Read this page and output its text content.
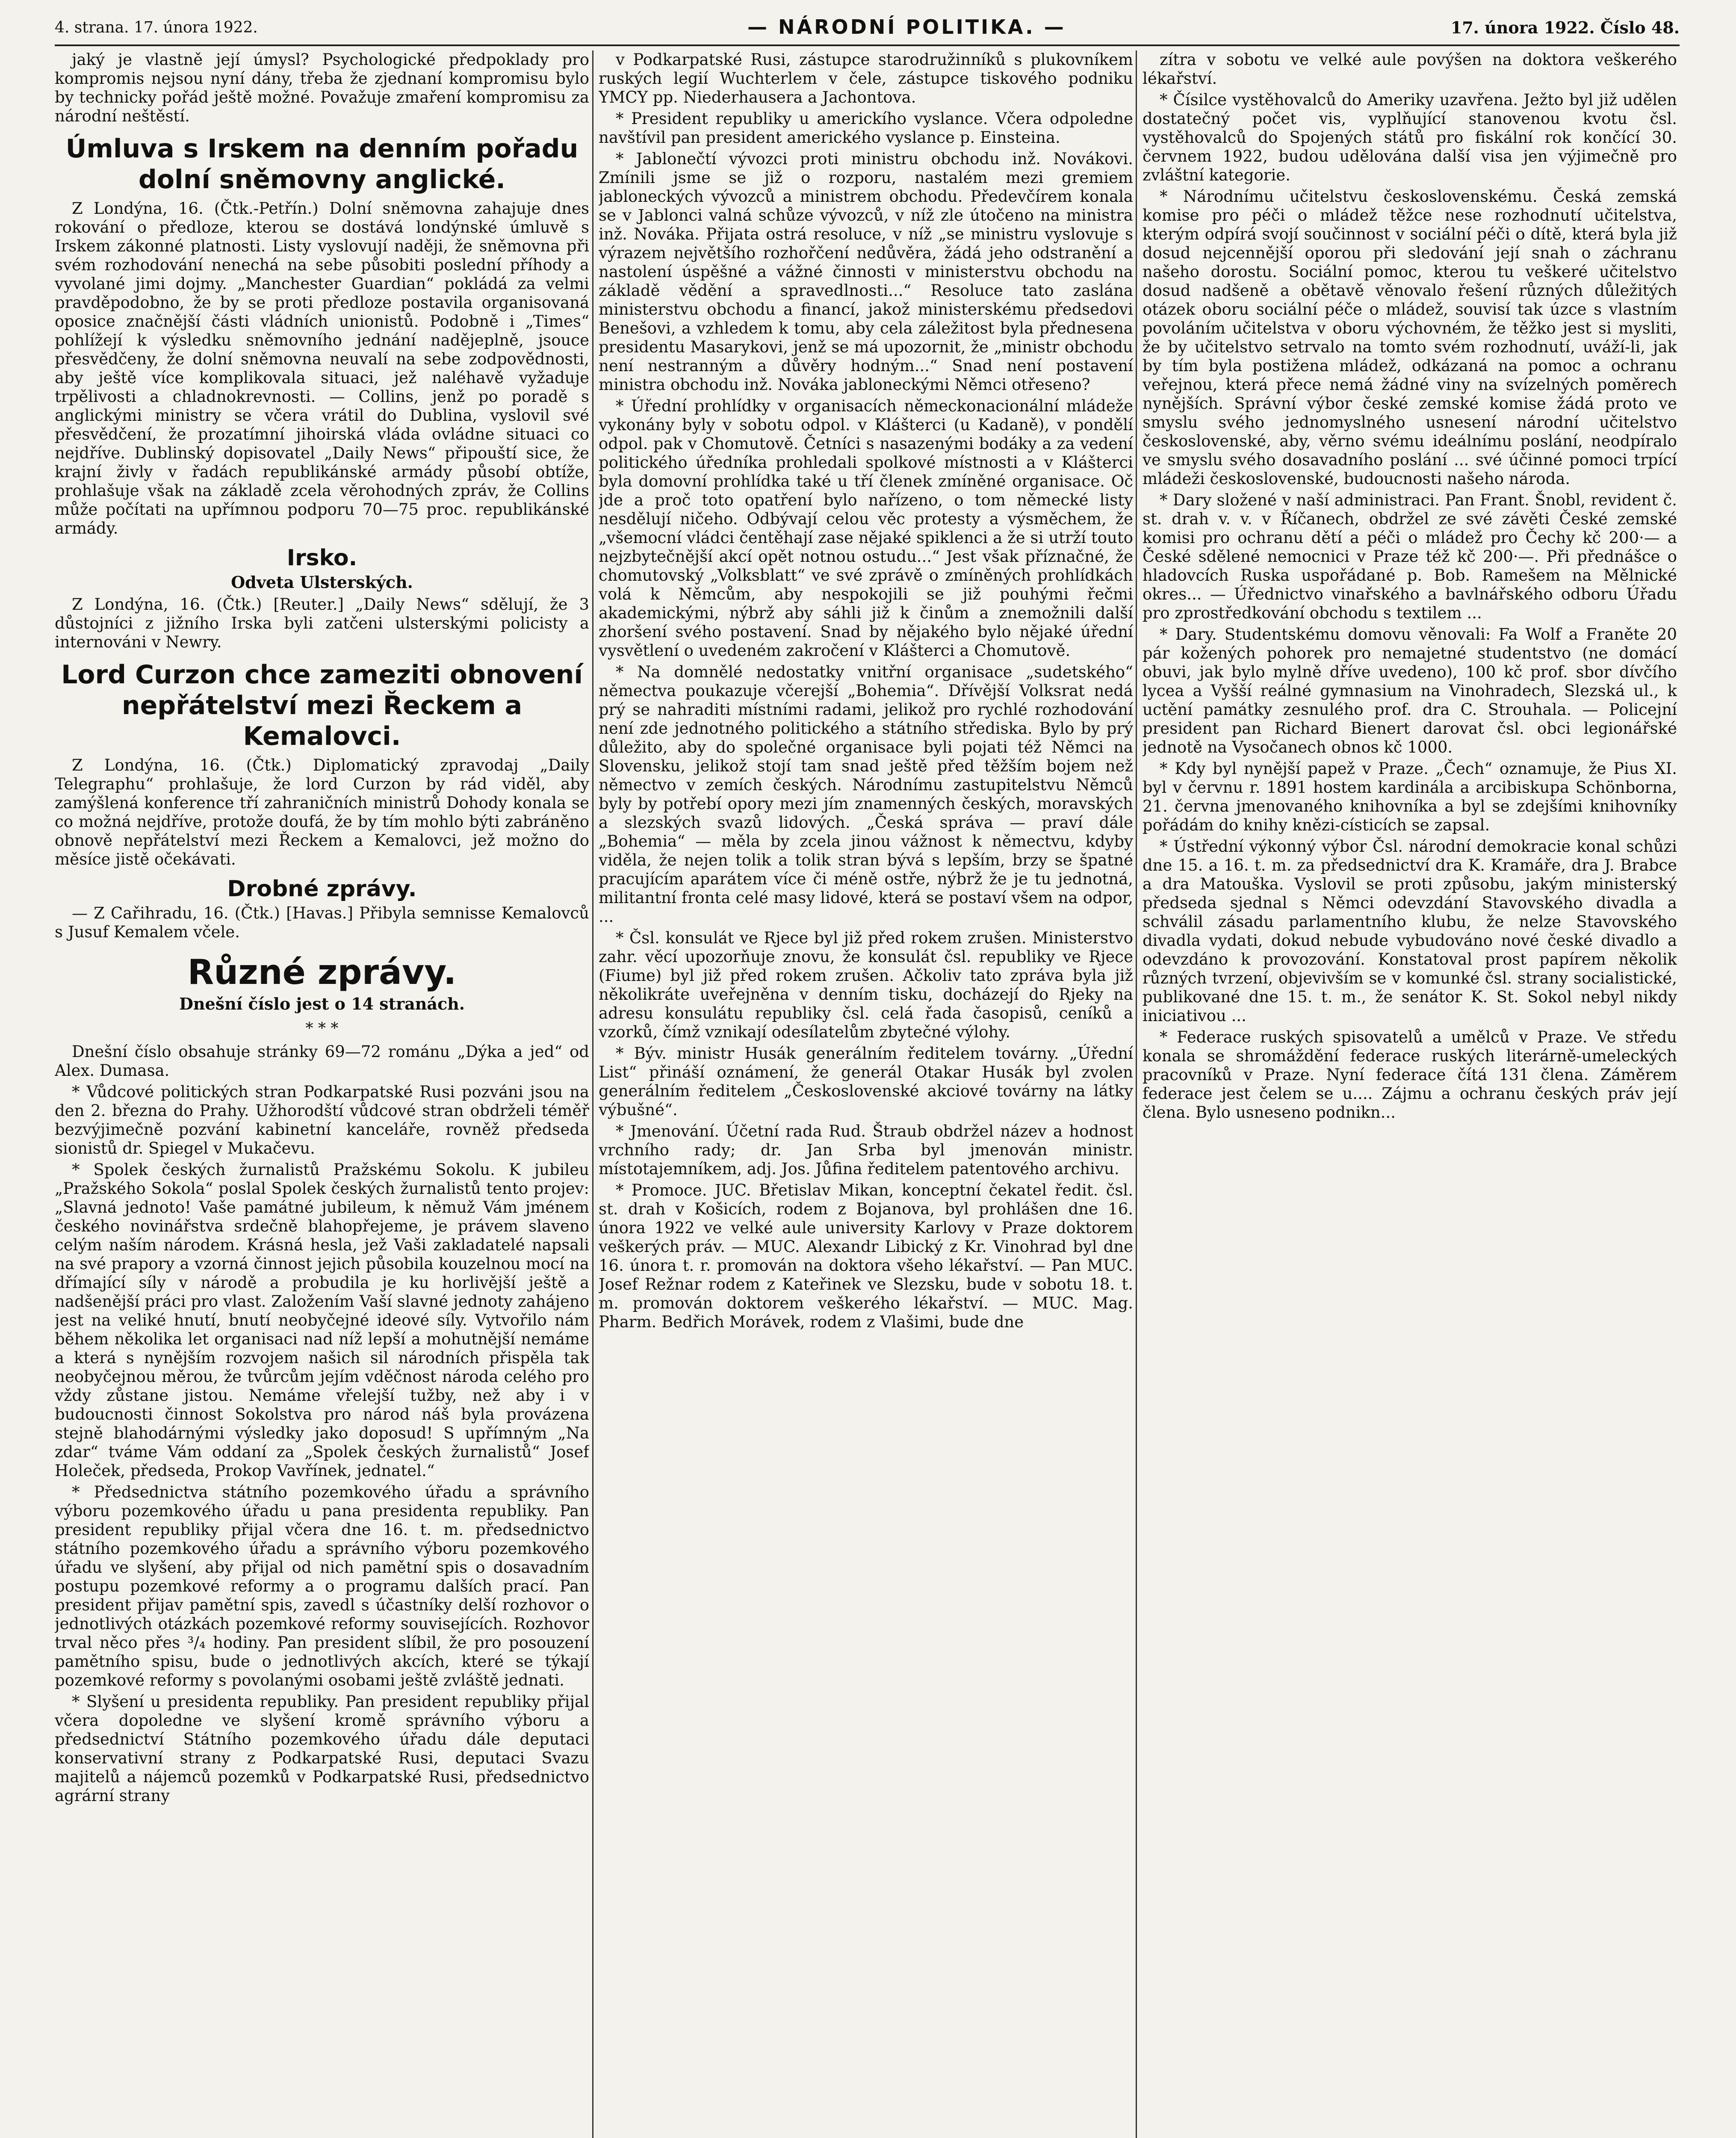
4. strana. 17. února 1922.	— NÁRODNÍ POLITIKA. —	17. února 1922. Číslo 48.

jaký je vlastně její úmysl? Psychologické předpoklady pro kompromis nejsou nyní dány, třeba že zjednaní kompromisu bylo by technicky pořád ještě možné. Považuje zmaření kompromisu za národní neštěstí.

Úmluva s Irskem na denním pořadu dolní sněmovny anglické.

Z Londýna, 16. (Čtk.-Petřín.) Dolní sněmovna zahajuje dnes rokování o předloze, kterou se dostává londýnské úmluvě s Irskem zákonné platnosti. Listy vyslovují naději, že sněmovna při svém rozhodování nenechá na sebe působiti poslední příhody a vyvolané jimi dojmy. „Manchester Guardian“ pokládá za velmi pravděpodobno, že by se proti předloze postavila organisovaná oposice značnější části vládních unionistů. Podobně i „Times“ pohlížejí k výsledku sněmovního jednání nadějeplně, jsouce přesvědčeny, že dolní sněmovna neuvalí na sebe zodpovědnosti, aby ještě více komplikovala situaci, jež naléhavě vyžaduje trpělivosti a chladnokrevnosti. — Collins, jenž po poradě s anglickými ministry se včera vrátil do Dublina, vyslovil své přesvědčení, že prozatímní jihoirská vláda ovládne situaci co nejdříve. Dublinský dopisovatel „Daily News“ připouští sice, že krajní živly v řadách republikánské armády působí obtíže, prohlašuje však na základě zcela věrohodných zpráv, že Collins může počítati na upřímnou podporu 70—75 proc. republikánské armády.

Irsko.
Odveta Ulsterských.

Z Londýna, 16. (Čtk.) [Reuter.] „Daily News“ sdělují, že 3 důstojníci z jižního Irska byli zatčeni ulsterskými policisty a internováni v Newry.

Lord Curzon chce zameziti obnovení nepřátelství mezi Řeckem a Kemalovci.

Z Londýna, 16. (Čtk.) Diplomatický zpravodaj „Daily Telegraphu“ prohlašuje, že lord Curzon by rád viděl, aby zamýšlená konference tří zahraničních ministrů Dohody konala se co možná nejdříve, protože doufá, že by tím mohlo býti zabráněno obnově nepřátelství mezi Řeckem a Kemalovci, jež možno do měsíce jistě očekávati.

Drobné zprávy.

— Z Cařihradu, 16. (Čtk.) [Havas.] Přibyla semnisse Kemalovců s Jusuf Kemalem včele.

Různé zprávy.
Dnešní číslo jest o 14 stranách.
* * *

Dnešní číslo obsahuje stránky 69—72 románu „Dýka a jed“ od Alex. Dumasa.

* Vůdcové politických stran Podkarpatské Rusi pozváni jsou na den 2. března do Prahy. Užhorodští vůdcové stran obdrželi téměř bezvýjimečně pozvání kabinetní kanceláře, rovněž předseda sionistů dr. Spiegel v Mukačevu.

* Spolek českých žurnalistů Pražskému Sokolu. K jubileu „Pražského Sokola“ poslal Spolek českých žurnalistů tento projev: „Slavná jednoto! Vaše památné jubileum, k němuž Vám jménem českého novinářstva srdečně blahopřejeme, je právem slaveno celým naším národem. Krásná hesla, jež Vaši zakladatelé napsali na své prapory a vzorná činnost jejich působila kouzelnou mocí na dřímající síly v národě a probudila je ku horlivější ještě a nadšenější práci pro vlast. Založením Vaší slavné jednoty zahájeno jest na veliké hnutí, bnutí neobyčejné ideové síly. Vytvořilo nám během několika let organisaci nad níž lepší a mohutnější nemáme a která s nynějším rozvojem našich sil národních přispěla tak neobyčejnou měrou, že tvůrcům jejím vděčnost národa celého pro vždy zůstane jistou. Nemáme vřelejší tužby, než aby i v budoucnosti činnost Sokolstva pro národ náš byla provázena stejně blahodárnými výsledky jako doposud! S upřímným „Na zdar“ tváme Vám oddaní za „Spolek českých žurnalistů“ Josef Holeček, předseda, Prokop Vavřínek, jednatel.“

* Předsednictva státního pozemkového úřadu a správního výboru pozemkového úřadu u pana presidenta republiky. Pan president republiky přijal včera dne 16. t. m. předsednictvo státního pozemkového úřadu a správního výboru pozemkového úřadu ve slyšení, aby přijal od nich pamětní spis o dosavadním postupu pozemkové reformy a o programu dalších prací. Pan president přijav pamětní spis, zavedl s účastníky delší rozhovor o jednotlivých otázkách pozemkové reformy souvisejících. Rozhovor trval něco přes ³/₄ hodiny. Pan president slíbil, že pro posouzení pamětního spisu, bude o jednotlivých akcích, které se týkají pozemkové reformy s povolanými osobami ještě zvláště jednati.

* Slyšení u presidenta republiky. Pan president republiky přijal včera dopoledne ve slyšení kromě správního výboru a předsednictví Státního pozemkového úřadu dále deputaci konservativní strany z Podkarpatské Rusi, deputaci Svazu majitelů a nájemců pozemků v Podkarpatské Rusi, předsednictvo agrární strany

v Podkarpatské Rusi, zástupce starodružinníků s plukovníkem ruských legií Wuchterlem v čele, zástupce tiskového podniku YMCY pp. Niederhausera a Jachontova.

* President republiky u americkího vyslance. Včera odpoledne navštívil pan president amerického vyslance p. Einsteina.

* Jablonečtí vývozci proti ministru obchodu inž. Novákovi. Zmínili jsme se již o rozporu, nastalém mezi gremiem jabloneckých vývozců a ministrem obchodu. Předevčírem konala se v Jablonci valná schůze vývozců, v níž zle útočeno na ministra inž. Nováka. Přijata ostrá resoluce, v níž „se ministru vyslovuje s výrazem největšího rozhořčení nedůvěra, žádá jeho odstranění a nastolení úspěšné a vážné činnosti v ministerstvu obchodu na základě vědění a spravedlnosti...“ Resoluce tato zaslána ministerstvu obchodu a financí, jakož ministerskému předsedovi Benešovi, a vzhledem k tomu, aby cela záležitost byla přednesena presidentu Masarykovi, jenž se má upozornit, že „ministr obchodu není nestranným a důvěry hodným...“ Snad není postavení ministra obchodu inž. Nováka jabloneckými Němci otřeseno?

* Úřední prohlídky v organisacích německonacionální mládeže vykonány byly v sobotu odpol. v Klášterci (u Kadaně), v pondělí odpol. pak v Chomutově. Četníci s nasazenými bodáky a za vedení politického úředníka prohledali spolkové místnosti a v Klášterci byla domovní prohlídka také u tří členek zmíněné organisace. Oč jde a proč toto opatření bylo nařízeno, o tom německé listy nesdělují ničeho. Odbývají celou věc protesty a výsměchem, že „všemocní vládci čentěhají zase nějaké spiklenci a že si utrží touto nejzbytečnější akcí opět notnou ostudu...“ Jest však příznačné, že chomutovský „Volksblatt“ ve své zprávě o zmíněných prohlídkách volá k Němcům, aby nespokojili se již pouhými řečmi akademickými, nýbrž aby sáhli již k činům a znemožnili další zhoršení svého postavení. Snad by nějakého bylo nějaké úřední vysvětlení o uvedeném zakročení v Klášterci a Chomutově.

* Na domnělé nedostatky vnitřní organisace „sudetského“ němectva poukazuje včerejší „Bohemia“. Dřívější Volksrat nedá prý se nahraditi místními radami, jelikož pro rychlé rozhodování není zde jednotného politického a státního střediska. Bylo by prý důležito, aby do společné organisace byli pojati též Němci na Slovensku, jelikož stojí tam snad ještě před těžším bojem než němectvo v zemích českých. Národnímu zastupitelstvu Němců byly by potřebí opory mezi jím znamenných českých, moravských a slezských svazů lidových. „Česká správa — praví dále „Bohemia“ — měla by zcela jinou vážnost k němectvu, kdyby viděla, že nejen tolik a tolik stran bývá s lepším, brzy se špatné pracujícím aparátem více či méně ostře, nýbrž že je tu jednotná, militantní fronta celé masy lidové, která se postaví všem na odpor, ...

* Čsl. konsulát ve Rjece byl již před rokem zrušen. Ministerstvo zahr. věcí upozorňuje znovu, že konsulát čsl. republiky ve Rjece (Fiume) byl již před rokem zrušen. Ačkoliv tato zpráva byla již několikráte uveřejněna v denním tisku, docházejí do Rjeky na adresu konsulátu republiky čsl. celá řada časopisů, ceníků a vzorků, čímž vznikají odesílatelům zbytečné výlohy.

* Býv. ministr Husák generálním ředitelem továrny. „Úřední List“ přináší oznámení, že generál Otakar Husák byl zvolen generálním ředitelem „Československé akciové továrny na látky výbušné“.

* Jmenování. Účetní rada Rud. Štraub obdržel název a hodnost vrchního rady; dr. Jan Srba byl jmenován ministr. místotajemníkem, adj. Jos. Jůfina ředitelem patentového archivu.

* Promoce. JUC. Břetislav Mikan, konceptní čekatel ředit. čsl. st. drah v Košicích, rodem z Bojanova, byl prohlášen dne 16. února 1922 ve velké aule university Karlovy v Praze doktorem veškerých práv. — MUC. Alexandr Libický z Kr. Vinohrad byl dne 16. února t. r. promován na doktora všeho lékařství. — Pan MUC. Josef Režnar rodem z Kateřinek ve Slezsku, bude v sobotu 18. t. m. promován doktorem veškerého lékařství. — MUC. Mag. Pharm. Bedřich Morávek, rodem z Vlašimi, bude dne

zítra v sobotu ve velké aule povýšen na doktora veškerého lékařství.

* Čísilce vystěhovalců do Ameriky uzavřena. Ježto byl již udělen dostatečný počet vis, vyplňující stanovenou kvotu čsl. vystěhovalců do Spojených států pro fiskální rok končící 30. červnem 1922, budou udělována další visa jen výjimečně pro zvláštní kategorie.

* Národnímu učitelstvu československému. Česká zemská komise pro péči o mládež těžce nese rozhodnutí učitelstva, kterým odpírá svojí součinnost v sociální péči o dítě, která byla již dosud nejcennější oporou při sledování její snah o záchranu našeho dorostu. Sociální pomoc, kterou tu veškeré učitelstvo dosud nadšeně a obětavě věnovalo řešení různých důležitých otázek oboru sociální péče o mládež, souvisí tak úzce s vlastním povoláním učitelstva v oboru výchovném, že těžko jest si mysliti, že by učitelstvo setrvalo na tomto svém rozhodnutí, uváží-li, jak by tím byla postižena mládež, odkázaná na pomoc a ochranu veřejnou, která přece nemá žádné viny na svízelných poměrech nynějších. Správní výbor české zemské komise žádá proto ve smyslu svého jednomyslného usnesení národní učitelstvo československé, aby, věrno svému ideálnímu poslání, neodpíralo ve smyslu svého dosavadního poslání ... své účinné pomoci trpící mládeži československé, budoucnosti našeho národa.

* Dary složené v naší administraci. Pan Frant. Šnobl, revident č. st. drah v. v. v Říčanech, obdržel ze své závěti České zemské komisi pro ochranu dětí a péči o mládež pro Čechy kč 200·— a České sdělené nemocnici v Praze též kč 200·—. Při přednášce o hladovcích Ruska uspořádané p. Bob. Ramešem na Mělnické okres... — Úřednictvo vinařského a bavlnářského odboru Úřadu pro zprostředkování obchodu s textilem ...

* Dary. Studentskému domovu věnovali: Fa Wolf a Franěte 20 pár kožených pohorek pro nemajetné studentstvo (ne domácí obuvi, jak bylo mylně dříve uvedeno), 100 kč prof. sbor dívčího lycea a Vyšší reálné gymnasium na Vinohradech, Slezská ul., k uctění památky zesnulého prof. dra C. Strouhala. — Policejní president pan Richard Bienert darovat čsl. obci legionářské jednotě na Vysočanech obnos kč 1000.

* Kdy byl nynější papež v Praze. „Čech“ oznamuje, že Pius XI. byl v červnu r. 1891 hostem kardinála a arcibiskupa Schönborna, 21. června jmenovaného knihovníka a byl se zdejšími knihovníky pořádám do knihy knězi-císticích se zapsal.

* Ústřední výkonný výbor Čsl. národní demokracie konal schůzi dne 15. a 16. t. m. za předsednictví dra K. Kramáře, dra J. Brabce a dra Matouška. Vyslovil se proti způsobu, jakým ministerský předseda sjednal s Němci odevzdání Stavovského divadla a schválil zásadu parlamentního klubu, že nelze Stavovského divadla vydati, dokud nebude vybudováno nové české divadlo a odevzdáno k provozování. Konstatoval prost papírem několik různých tvrzení, objevivším se v komunké čsl. strany socialistické, publikované dne 15. t. m., že senátor K. St. Sokol nebyl nikdy iniciativou ...

* Federace ruských spisovatelů a umělců v Praze. Ve středu konala se shromáždění federace ruských literárně-umeleckých pracovníků v Praze. Nyní federace čítá 131 člena. Záměrem federace jest čelem se u.... Zájmu a ochranu českých práv její člena. Bylo usneseno podnikn...
